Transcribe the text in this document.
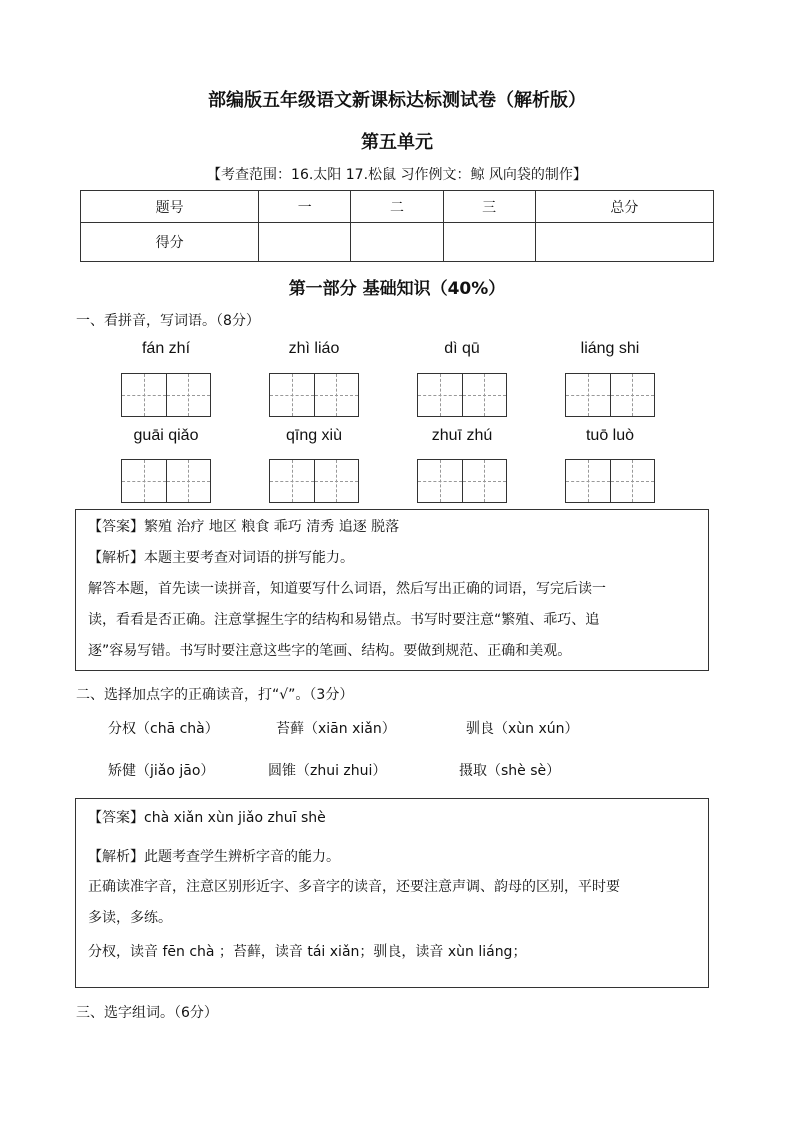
部编版五年级语文新课标达标测试卷（解析版）
第五单元
【考查范围：16.太阳 17.松鼠 习作例文：鲸 风向袋的制作】
题号	一	二	三	总分
得分				
第一部分 基础知识（40%）
一、看拼音，写词语。（8分）
fán zhí	zhì liáo	dì qū	liáng shi
guāi qiǎo	qīng xiù	zhuī zhú	tuō luò
【答案】繁殖 治疗 地区 粮食 乖巧 清秀 追逐 脱落
【解析】本题主要考查对词语的拼写能力。
解答本题，首先读一读拼音，知道要写什么词语，然后写出正确的词语，写完后读一
读，看看是否正确。注意掌握生字的结构和易错点。书写时要注意“繁殖、乖巧、追
逐”容易写错。书写时要注意这些字的笔画、结构。要做到规范、正确和美观。
二、选择加点字的正确读音，打“√”。（3分）
分权（chā chà）	苔藓（xiān xiǎn）	驯良（xùn xún）
矫健（jiǎo jāo）	圆锥（zhui zhui）	摄取（shè sè）
【答案】chà xiǎn xùn jiǎo zhuī shè
【解析】此题考查学生辨析字音的能力。
正确读准字音，注意区别形近字、多音字的读音，还要注意声调、韵母的区别，平时要
多读，多练。
分杈，读音 fēn chà ；苔藓，读音 tái xiǎn；驯良，读音 xùn liáng；
三、选字组词。（6分）
